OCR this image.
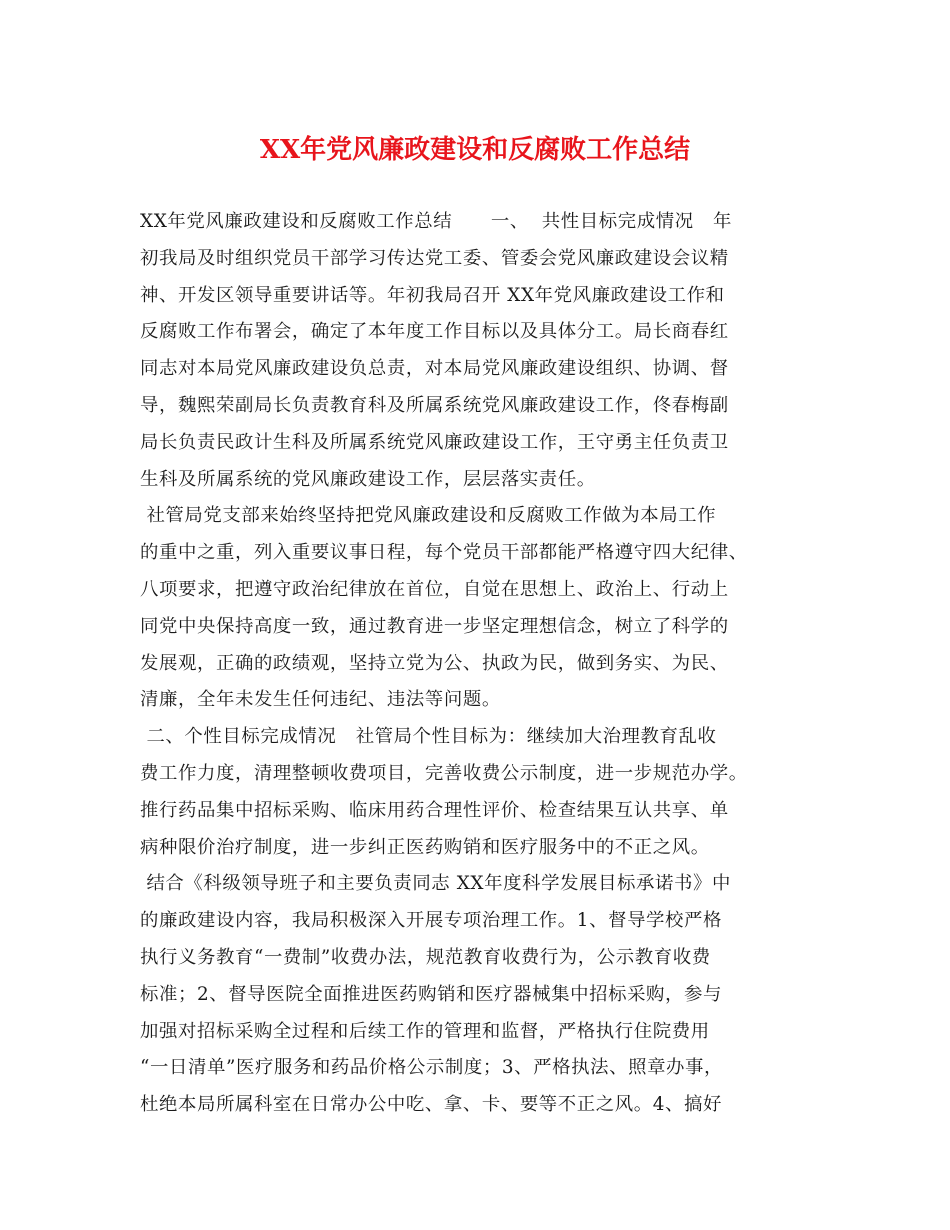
XX年党风廉政建设和反腐败工作总结
XX年党风廉政建设和反腐败工作总结      一、  共性目标完成情况   年
初我局及时组织党员干部学习传达党工委、管委会党风廉政建设会议精
神、开发区领导重要讲话等。年初我局召开 XX年党风廉政建设工作和
反腐败工作布署会，确定了本年度工作目标以及具体分工。局长商春红
同志对本局党风廉政建设负总责，对本局党风廉政建设组织、协调、督
导，魏熙荣副局长负责教育科及所属系统党风廉政建设工作，佟春梅副
局长负责民政计生科及所属系统党风廉政建设工作，王守勇主任负责卫
生科及所属系统的党风廉政建设工作，层层落实责任。
社管局党支部来始终坚持把党风廉政建设和反腐败工作做为本局工作
的重中之重，列入重要议事日程，每个党员干部都能严格遵守四大纪律、
八项要求，把遵守政治纪律放在首位，自觉在思想上、政治上、行动上
同党中央保持高度一致，通过教育进一步坚定理想信念，树立了科学的
发展观，正确的政绩观，坚持立党为公、执政为民，做到务实、为民、
清廉，全年未发生任何违纪、违法等问题。
二、个性目标完成情况   社管局个性目标为：继续加大治理教育乱收
费工作力度，清理整顿收费项目，完善收费公示制度，进一步规范办学。
推行药品集中招标采购、临床用药合理性评价、检查结果互认共享、单
病种限价治疗制度，进一步纠正医药购销和医疗服务中的不正之风。
结合《科级领导班子和主要负责同志 XX年度科学发展目标承诺书》中
的廉政建设内容，我局积极深入开展专项治理工作。1、督导学校严格
执行义务教育“一费制”收费办法，规范教育收费行为，公示教育收费
标准；2、督导医院全面推进医药购销和医疗器械集中招标采购，参与
加强对招标采购全过程和后续工作的管理和监督，严格执行住院费用
“一日清单”医疗服务和药品价格公示制度；3、严格执法、照章办事，
杜绝本局所属科室在日常办公中吃、拿、卡、要等不正之风。4、搞好
